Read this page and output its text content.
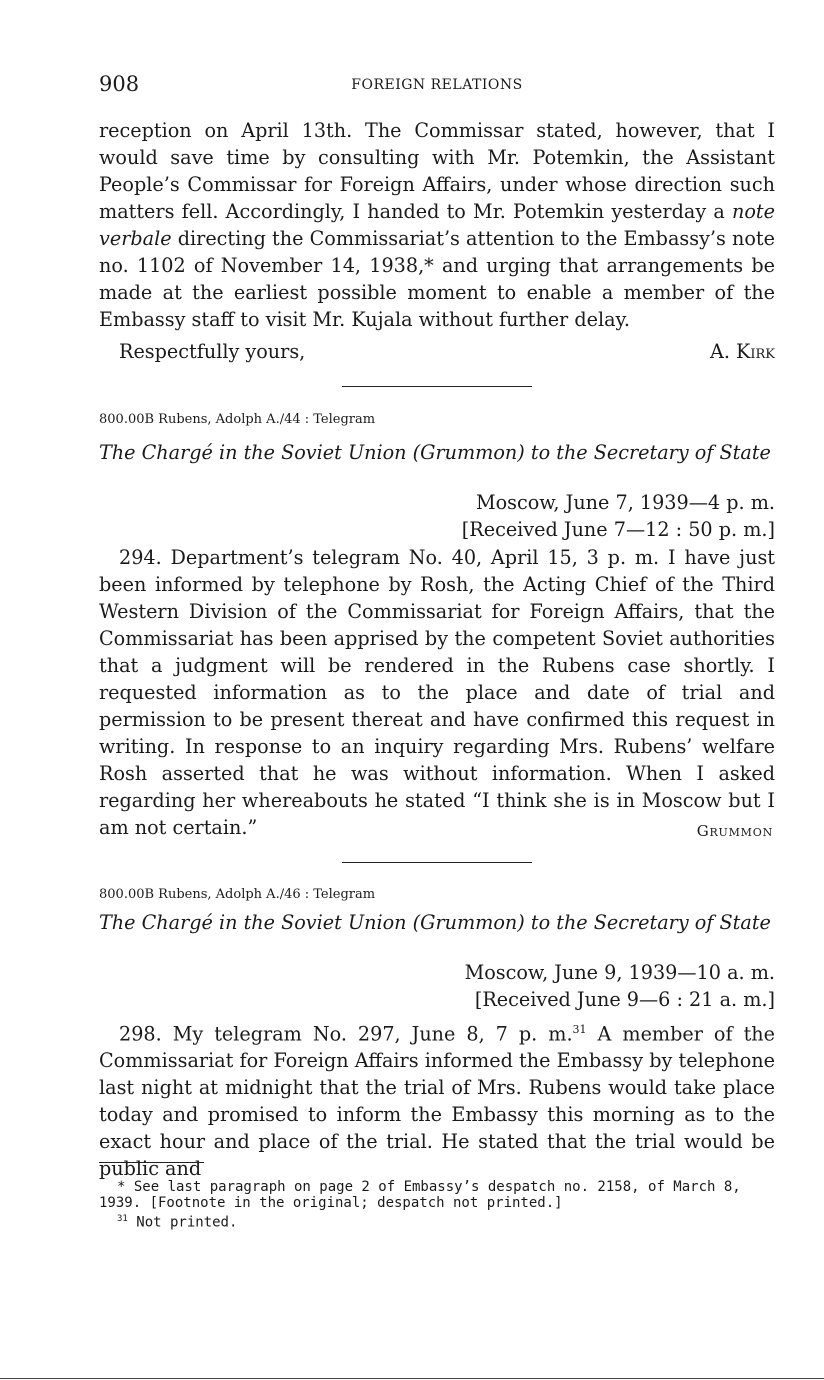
908	FOREIGN RELATIONS

reception on April 13th. The Commissar stated, however, that I would save time by consulting with Mr. Potemkin, the Assistant People’s Commissar for Foreign Affairs, under whose direction such matters fell. Accordingly, I handed to Mr. Potemkin yesterday a note verbale directing the Commissariat’s attention to the Embassy’s note no. 1102 of November 14, 1938,* and urging that arrangements be made at the earliest possible moment to enable a member of the Embassy staff to visit Mr. Kujala without further delay.

Respectfully yours,	A. Kirk
800.00B Rubens, Adolph A./44 : Telegram
The Chargé in the Soviet Union (Grummon) to the Secretary of State
Moscow, June 7, 1939—4 p. m.
[Received June 7—12 : 50 p. m.]

294. Department’s telegram No. 40, April 15, 3 p. m. I have just been informed by telephone by Rosh, the Acting Chief of the Third Western Division of the Commissariat for Foreign Affairs, that the Commissariat has been apprised by the competent Soviet authorities that a judgment will be rendered in the Rubens case shortly. I requested information as to the place and date of trial and permission to be present thereat and have confirmed this request in writing. In response to an inquiry regarding Mrs. Rubens’ welfare Rosh asserted that he was without information. When I asked regarding her whereabouts he stated “I think she is in Moscow but I am not certain.”	Grummon
800.00B Rubens, Adolph A./46 : Telegram
The Chargé in the Soviet Union (Grummon) to the Secretary of State
Moscow, June 9, 1939—10 a. m.
[Received June 9—6 : 21 a. m.]

298. My telegram No. 297, June 8, 7 p. m.$^{31}$ A member of the Commissariat for Foreign Affairs informed the Embassy by telephone last night at midnight that the trial of Mrs. Rubens would take place today and promised to inform the Embassy this morning as to the exact hour and place of the trial. He stated that the trial would be public and

* See last paragraph on page 2 of Embassy’s despatch no. 2158, of March 8, 1939. [Footnote in the original; despatch not printed.]

$^{31}$ Not printed.
